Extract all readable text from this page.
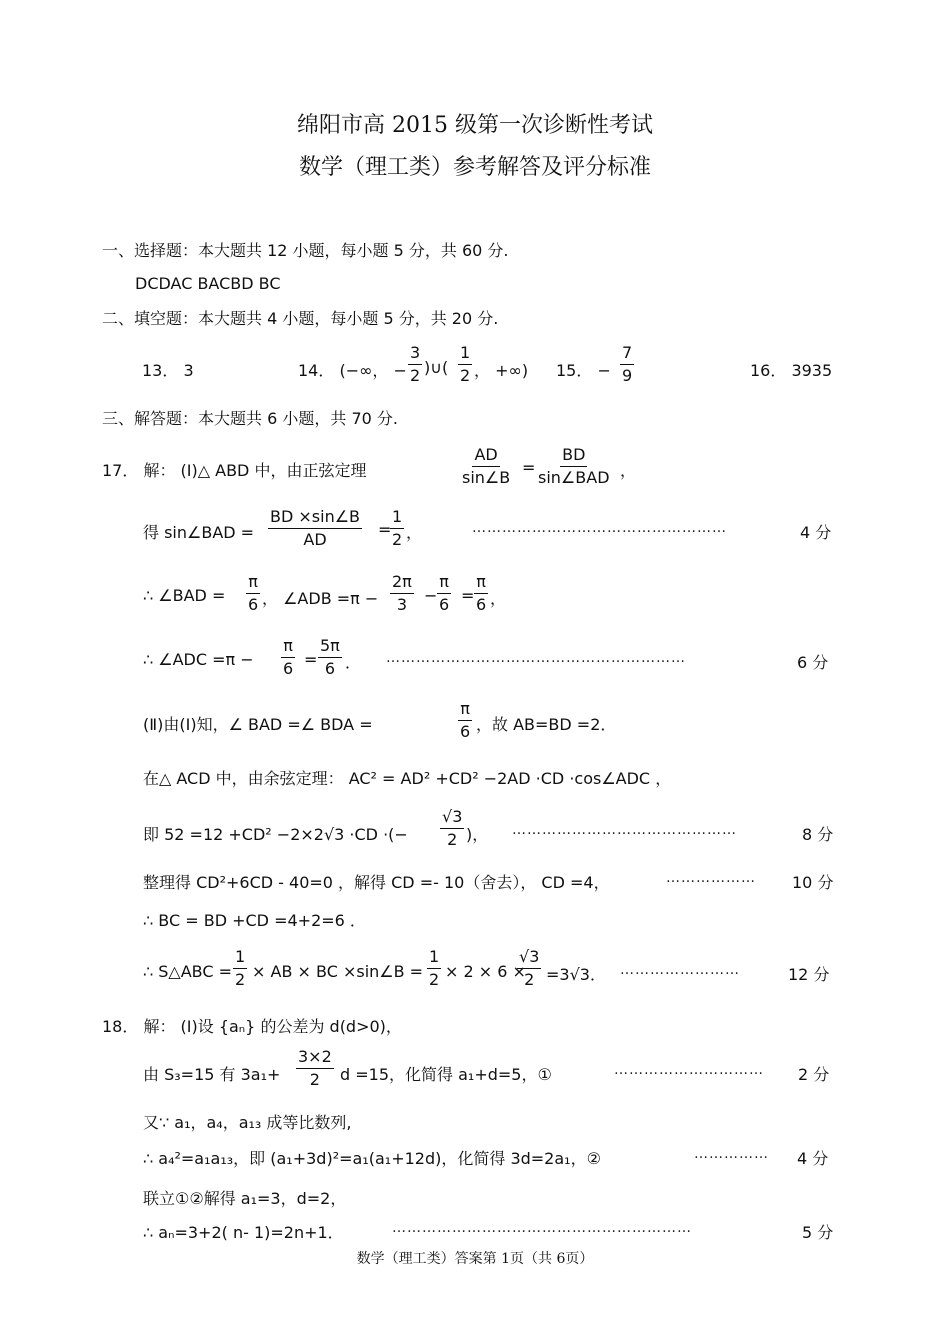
绵阳市高 2015 级第一次诊断性考试
数学（理工类）参考解答及评分标准
一、选择题：本大题共 12 小题，每小题 5 分，共 60 分.
DCDAC BACBD BC
二、填空题：本大题共 4 小题，每小题 5 分，共 20 分.
13． 3	14． (−∞， − $\frac{3}{2}$ )∪( $\frac{1}{2}$ ， +∞) 15． − $\frac{7}{9}$	16． 3935
三、解答题：本大题共 6 小题，共 70 分.
17． 解： (Ⅰ)△ ABD 中，由正弦定理	$\frac{AD}{\sin\angle B}$ =
BD
sin∠BAD ，
得 sin∠BAD = $\frac{BD \times\sin\angle B}{AD}$ =
$\frac{1}{2}$ ，	……………………………………………	4 分
∴ ∠BAD = $\frac{\pi}{6}$ ， ∠ADB $=\pi - \frac{2\pi}{3} - \frac{\pi}{6} = \frac{\pi}{6}$ ，
∴ ∠ADC $=\pi - \frac{\pi}{6} = \frac{5\pi}{6}$ ． ……………………………………………………	6 分
(Ⅱ)由(Ⅰ)知，∠ BAD =∠ BDA =	$\frac{\pi}{6}$ ，故 AB=BD =2．
在△ ACD 中，由余弦定理： AC² = AD² +CD² −2AD ·CD ·cos∠ADC ，
即 52 =12 +CD² −2×2√3 ·CD ·(− $\frac{√3}{2}$ )， ………………………………………	8 分
整理得 CD²+6CD - 40=0 ，解得 CD =- 10（舍去）， CD =4，	……………… 10 分
∴ BC = BD +CD =4+2=6 ．
∴ S△ABC = $\frac{1}{2}$ × AB × BC ×sin∠B = $\frac{1}{2} \times 2 \times 6$ ×
$\frac{√3}{2} =3√3$． ……………………	12 分
18． 解： (Ⅰ)设 {aₙ} 的公差为 d(d>0)，
由 S₃=15 有 $3a_1+ \frac{3\times 2}{2}$ d =15，化简得 a₁+d=5，①	………………………… 2 分
又∵ a₁，a₄，a₁₃ 成等比数列,
∴ a₄²=a₁a₁₃，即 (a₁+3d)²=a₁(a₁+12d)，化简得 3d=2a₁，②	…………… 4 分
联立①②解得 a₁=3，d=2，
∴ aₙ=3+2( n- 1)=2n+1．	……………………………………………………	5 分
数学（理工类）答案第 1页（共 6页）
